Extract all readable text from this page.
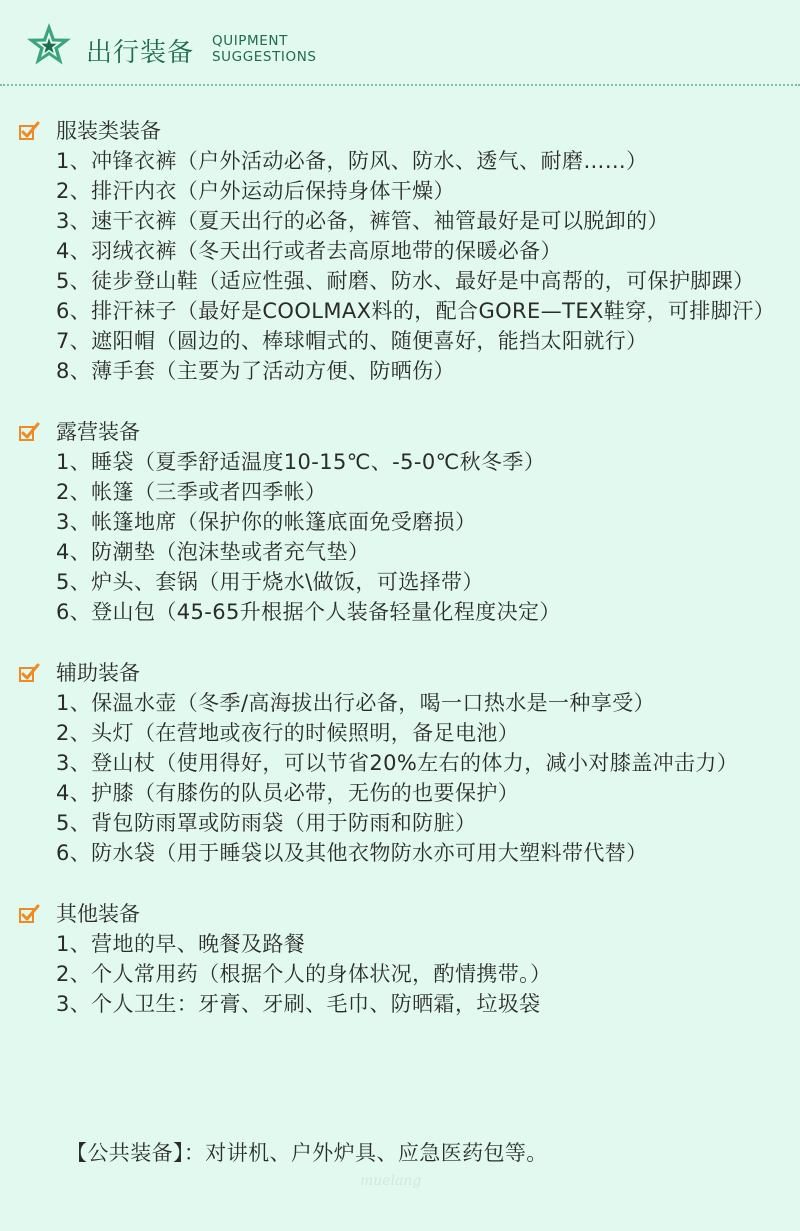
出行装备 QUIPMENT
SUGGESTIONS
服装类装备
1、冲锋衣裤（户外活动必备，防风、防水、透气、耐磨……）
2、排汗内衣（户外运动后保持身体干燥）
3、速干衣裤（夏天出行的必备，裤管、袖管最好是可以脱卸的）
4、羽绒衣裤（冬天出行或者去高原地带的保暖必备）
5、徒步登山鞋（适应性强、耐磨、防水、最好是中高帮的，可保护脚踝）
6、排汗袜子（最好是COOLMAX料的，配合GORE—TEX鞋穿，可排脚汗）
7、遮阳帽（圆边的、棒球帽式的、随便喜好，能挡太阳就行）
8、薄手套（主要为了活动方便、防晒伤）
露营装备
1、睡袋（夏季舒适温度10-15℃、-5-0℃秋冬季）
2、帐篷（三季或者四季帐）
3、帐篷地席（保护你的帐篷底面免受磨损）
4、防潮垫（泡沫垫或者充气垫）
5、炉头、套锅（用于烧水\做饭，可选择带）
6、登山包（45-65升根据个人装备轻量化程度决定）
辅助装备
1、保温水壶（冬季/高海拔出行必备，喝一口热水是一种享受）
2、头灯（在营地或夜行的时候照明，备足电池）
3、登山杖（使用得好，可以节省20%左右的体力，减小对膝盖冲击力）
4、护膝（有膝伤的队员必带，无伤的也要保护）
5、背包防雨罩或防雨袋（用于防雨和防脏）
6、防水袋（用于睡袋以及其他衣物防水亦可用大塑料带代替）
其他装备
1、营地的早、晚餐及路餐
2、个人常用药（根据个人的身体状况，酌情携带。）
3、个人卫生：牙膏、牙刷、毛巾、防晒霜，垃圾袋
【公共装备】：对讲机、户外炉具、应急医药包等。
muelang
